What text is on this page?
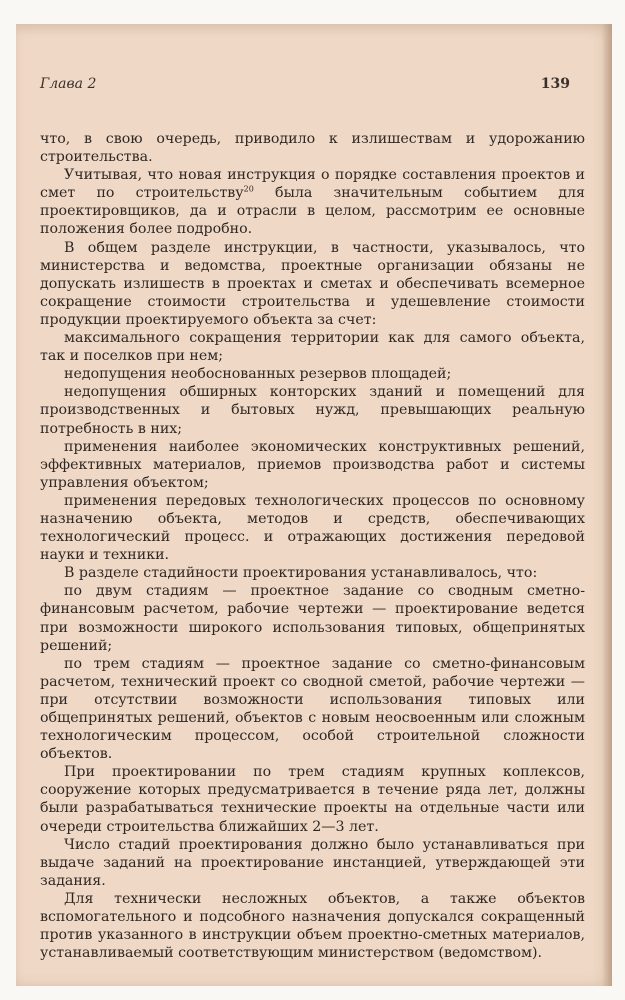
Глава 2	139

что, в свою очередь, приводило к излишествам и удорожанию строительства.

Учитывая, что новая инструкция о порядке составления проектов и смет по строительству$^{20}$ была значительным событием для проектировщиков, да и отрасли в целом, рассмотрим ее основные положения более подробно.

В общем разделе инструкции, в частности, указывалось, что министерства и ведомства, проектные организации обязаны не допускать излишеств в проектах и сметах и обеспечивать всемерное сокращение стоимости строительства и удешевление стоимости продукции проектируемого объекта за счет:

максимального сокращения территории как для самого объекта, так и поселков при нем;

недопущения необоснованных резервов площадей;

недопущения обширных конторских зданий и помещений для производственных и бытовых нужд, превышающих реальную потребность в них;

применения наиболее экономических конструктивных решений, эффективных материалов, приемов производства работ и системы управления объектом;

применения передовых технологических процессов по основному назначению объекта, методов и средств, обеспечивающих технологический процесс. и отражающих достижения передовой науки и техники.

В разделе стадийности проектирования устанавливалось, что:

по двум стадиям — проектное задание со сводным сметно-финансовым расчетом, рабочие чертежи — проектирование ведется при возможности широкого использования типовых, общепринятых решений;

по трем стадиям — проектное задание со сметно-финансовым расчетом, технический проект со сводной сметой, рабочие чертежи — при отсутствии возможности использования типовых или общепринятых решений, объектов с новым неосвоенным или сложным технологическим процессом, особой строительной сложности объектов.

При проектировании по трем стадиям крупных коплексов, сооружение которых предусматривается в течение ряда лет, должны были разрабатываться технические проекты на отдельные части или очереди строительства ближайших 2—3 лет.

Число стадий проектирования должно было устанавливаться при выдаче заданий на проектирование инстанцией, утверждающей эти задания.

Для технически несложных объектов, а также объектов вспомогательного и подсобного назначения допускался сокращенный против указанного в инструкции объем проектно-сметных материалов, устанавливаемый соответствующим министерством (ведомством).
